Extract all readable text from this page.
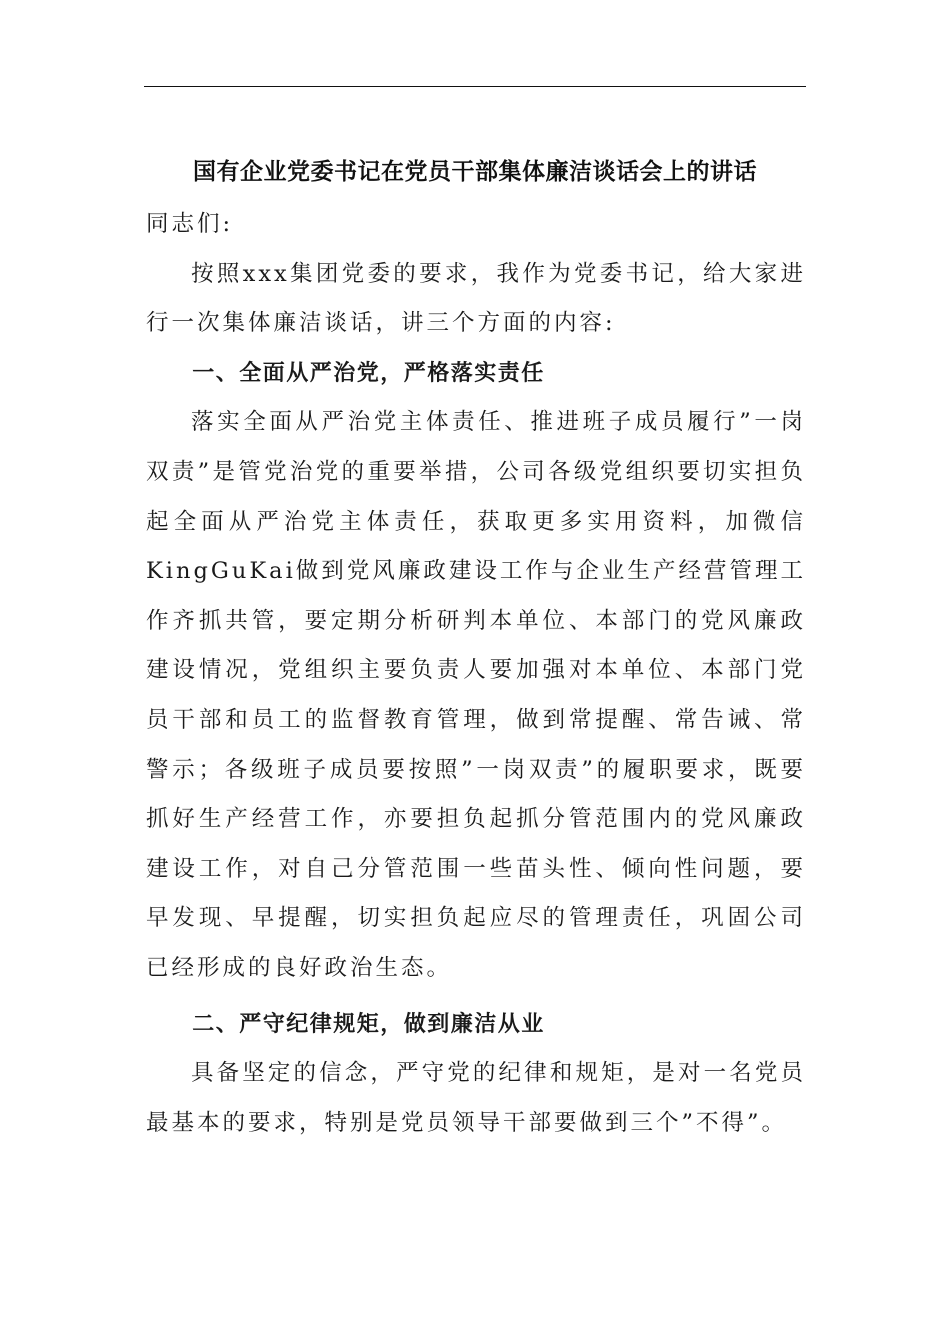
国有企业党委书记在党员干部集体廉洁谈话会上的讲话

同志们:

按照xxx集团党委的要求，我作为党委书记，给大家进行一次集体廉洁谈话，讲三个方面的内容:

一、全面从严治党，严格落实责任

落实全面从严治党主体责任、推进班子成员履行”一岗双责”是管党治党的重要举措，公司各级党组织要切实担负起全面从严治党主体责任，获取更多实用资料，加微信KingGuKai做到党风廉政建设工作与企业生产经营管理工作齐抓共管，要定期分析研判本单位、本部门的党风廉政建设情况，党组织主要负责人要加强对本单位、本部门党员干部和员工的监督教育管理，做到常提醒、常告诫、常警示；各级班子成员要按照”一岗双责”的履职要求，既要抓好生产经营工作，亦要担负起抓分管范围内的党风廉政建设工作，对自己分管范围一些苗头性、倾向性问题，要早发现、早提醒，切实担负起应尽的管理责任，巩固公司已经形成的良好政治生态。

二、严守纪律规矩，做到廉洁从业

具备坚定的信念，严守党的纪律和规矩，是对一名党员最基本的要求，特别是党员领导干部要做到三个”不得”。
